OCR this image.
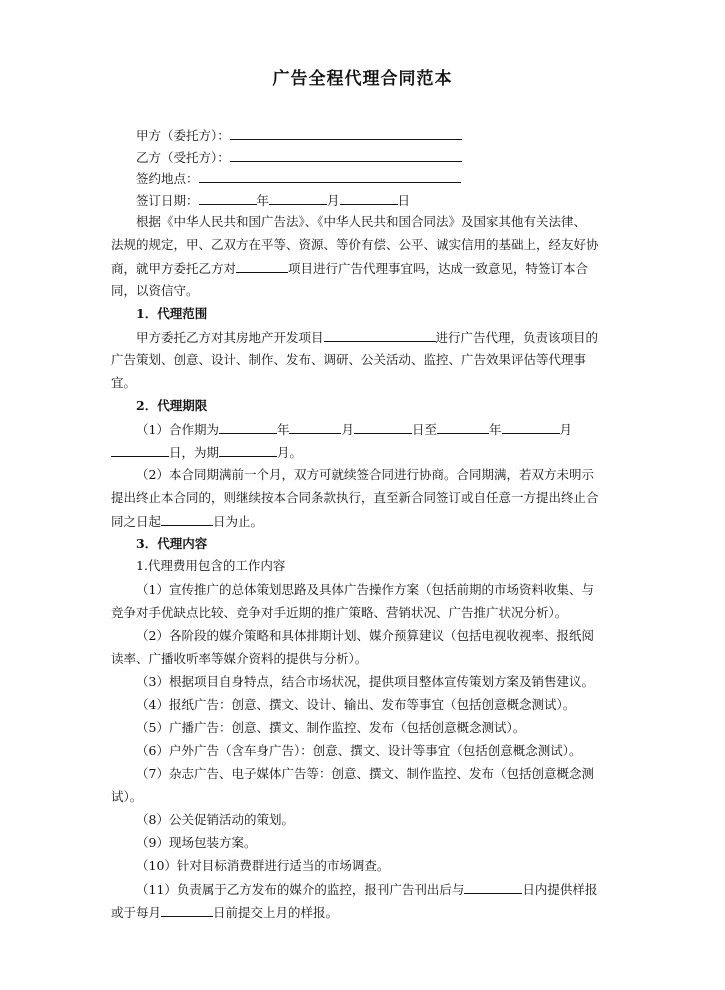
广告全程代理合同范本
甲方（委托方）：
乙方（受托方）：
签约地点：
签订日期：	年	月	日
根据《中华人民共和国广告法》、《中华人民共和国合同法》及国家其他有关法律、
法规的规定，甲、乙双方在平等、资源、等价有偿、公平、诚实信用的基础上，经友好协
商，就甲方委托乙方对	项目进行广告代理事宜吗，达成一致意见，特签订本合
同，以资信守。
1．代理范围
甲方委托乙方对其房地产开发项目	进行广告代理，负责该项目的
广告策划、创意、设计、制作、发布、调研、公关活动、监控、广告效果评估等代理事
宜。
2．代理期限
（1）合作期为	年	月	日至	年	月
日，为期	月。
（2）本合同期满前一个月，双方可就续签合同进行协商。合同期满，若双方未明示
提出终止本合同的，则继续按本合同条款执行，直至新合同签订或自任意一方提出终止合
同之日起	日为止。
3．代理内容
1.代理费用包含的工作内容
（1）宣传推广的总体策划思路及具体广告操作方案（包括前期的市场资料收集、与
竞争对手优缺点比较、竞争对手近期的推广策略、营销状况、广告推广状况分析）。
（2）各阶段的媒介策略和具体排期计划、媒介预算建议（包括电视收视率、报纸阅
读率、广播收听率等媒介资料的提供与分析）。
（3）根据项目自身特点，结合市场状况，提供项目整体宣传策划方案及销售建议。
（4）报纸广告：创意、撰文、设计、输出、发布等事宜（包括创意概念测试）。
（5）广播广告：创意、撰文、制作监控、发布（包括创意概念测试）。
（6）户外广告（含车身广告）：创意、撰文、设计等事宜（包括创意概念测试）。
（7）杂志广告、电子媒体广告等：创意、撰文、制作监控、发布（包括创意概念测
试）。
（8）公关促销活动的策划。
（9）现场包装方案。
（10）针对目标消费群进行适当的市场调查。
（11）负责属于乙方发布的媒介的监控，报刊广告刊出后与	日内提供样报
或于每月	日前提交上月的样报。
